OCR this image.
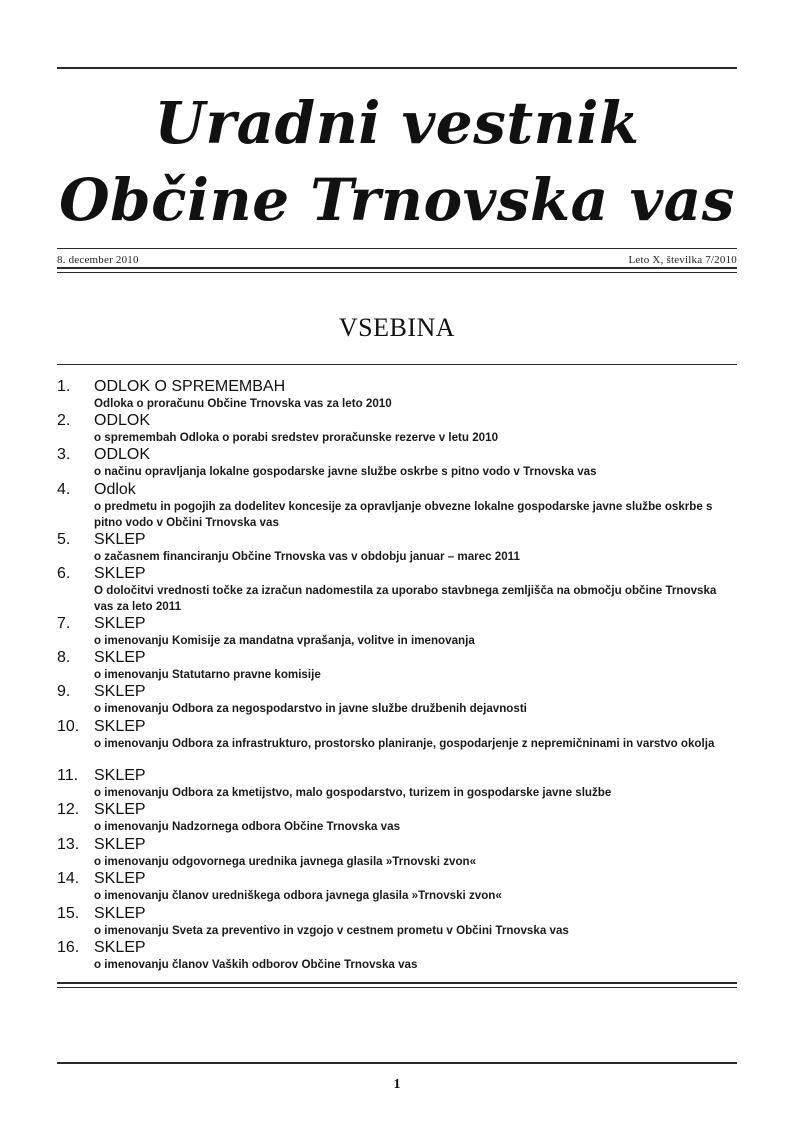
Uradni vestnik
Občine Trnovska vas
8. december 2010	Leto X, številka 7/2010
VSEBINA
1. ODLOK O SPREMEMBAH
Odloka o proračunu Občine Trnovska vas za leto 2010
2. ODLOK
o spremembah Odloka o porabi sredstev proračunske rezerve v letu 2010
3. ODLOK
o načinu opravljanja lokalne gospodarske javne službe oskrbe s pitno vodo v Trnovska vas
4. Odlok
o predmetu in pogojih za dodelitev koncesije za opravljanje obvezne lokalne gospodarske javne službe oskrbe s pitno vodo v Občini Trnovska vas
5. SKLEP
o začasnem financiranju Občine Trnovska vas v obdobju januar – marec 2011
6. SKLEP
O določitvi vrednosti točke za izračun nadomestila za uporabo stavbnega zemljišča na območju občine Trnovska vas za leto 2011
7. SKLEP
o imenovanju Komisije za mandatna vprašanja, volitve in imenovanja
8. SKLEP
o imenovanju Statutarno pravne komisije
9. SKLEP
o imenovanju Odbora za negospodarstvo in javne službe družbenih dejavnosti
10. SKLEP
o imenovanju Odbora za infrastrukturo, prostorsko planiranje, gospodarjenje z nepremičninami in varstvo okolja
11. SKLEP
o imenovanju Odbora za kmetijstvo, malo gospodarstvo, turizem in gospodarske javne službe
12. SKLEP
o imenovanju Nadzornega odbora Občine Trnovska vas
13. SKLEP
o imenovanju odgovornega urednika javnega glasila »Trnovski zvon«
14. SKLEP
o imenovanju članov uredniškega odbora javnega glasila »Trnovski zvon«
15. SKLEP
o imenovanju Sveta za preventivo in vzgojo v cestnem prometu v Občini Trnovska vas
16. SKLEP
o imenovanju članov Vaških odborov Občine Trnovska vas
1
